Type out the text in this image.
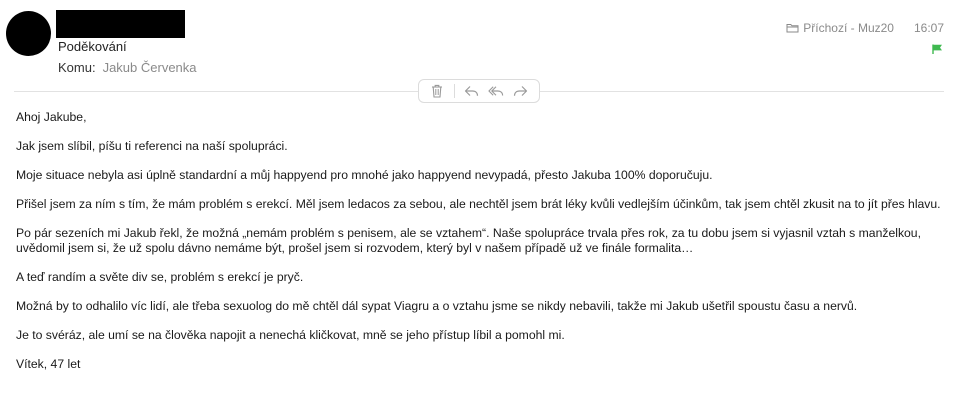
Poděkování
Komu: Jakub Červenka
Příchozí - Muz20 16:07

Ahoj Jakube,

Jak jsem slíbil, píšu ti referenci na naší spolupráci.

Moje situace nebyla asi úplně standardní a můj happyend pro mnohé jako happyend nevypadá, přesto Jakuba 100% doporučuju.

Přišel jsem za ním s tím, že mám problém s erekcí. Měl jsem ledacos za sebou, ale nechtěl jsem brát léky kvůli vedlejším účinkům, tak jsem chtěl zkusit na to jít přes hlavu.

Po pár sezeních mi Jakub řekl, že možná „nemám problém s penisem, ale se vztahem“. Naše spolupráce trvala přes rok, za tu dobu jsem si vyjasnil vztah s manželkou, uvědomil jsem si, že už spolu dávno nemáme být, prošel jsem si rozvodem, který byl v našem případě už ve finále formalita…

A teď randím a světe div se, problém s erekcí je pryč.

Možná by to odhalilo víc lidí, ale třeba sexuolog do mě chtěl dál sypat Viagru a o vztahu jsme se nikdy nebavili, takže mi Jakub ušetřil spoustu času a nervů.

Je to svéráz, ale umí se na člověka napojit a nenechá kličkovat, mně se jeho přístup líbil a pomohl mi.

Vítek, 47 let
